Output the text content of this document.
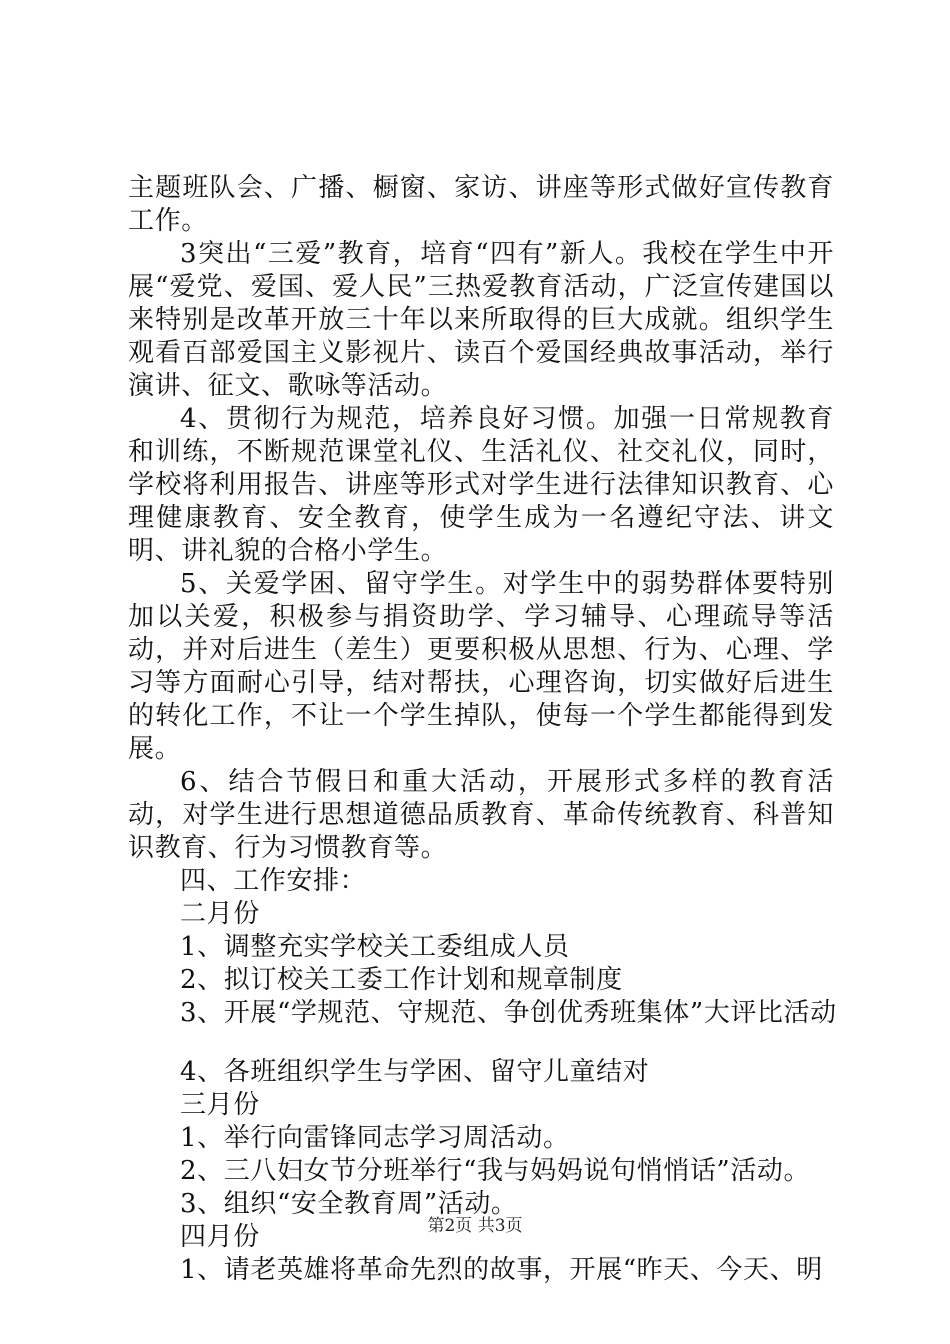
主题班队会、广播、橱窗、家访、讲座等形式做好宣传教育工作。

3突出“三爱”教育，培育“四有”新人。我校在学生中开展“爱党、爱国、爱人民”三热爱教育活动，广泛宣传建国以来特别是改革开放三十年以来所取得的巨大成就。组织学生观看百部爱国主义影视片、读百个爱国经典故事活动，举行演讲、征文、歌咏等活动。

4、贯彻行为规范，培养良好习惯。加强一日常规教育和训练，不断规范课堂礼仪、生活礼仪、社交礼仪，同时，学校将利用报告、讲座等形式对学生进行法律知识教育、心理健康教育、安全教育，使学生成为一名遵纪守法、讲文明、讲礼貌的合格小学生。

5、关爱学困、留守学生。对学生中的弱势群体要特别加以关爱，积极参与捐资助学、学习辅导、心理疏导等活动，并对后进生（差生）更要积极从思想、行为、心理、学习等方面耐心引导，结对帮扶，心理咨询，切实做好后进生的转化工作，不让一个学生掉队，使每一个学生都能得到发展。

6、结合节假日和重大活动，开展形式多样的教育活动，对学生进行思想道德品质教育、革命传统教育、科普知识教育、行为习惯教育等。

四、工作安排：

二月份

1、调整充实学校关工委组成人员

2、拟订校关工委工作计划和规章制度

3、开展“学规范、守规范、争创优秀班集体”大评比活动

4、各班组织学生与学困、留守儿童结对

三月份

1、举行向雷锋同志学习周活动。

2、三八妇女节分班举行“我与妈妈说句悄悄话”活动。

3、组织“安全教育周”活动。

四月份

1、请老英雄将革命先烈的故事，开展“昨天、今天、明

第2页 共3页
